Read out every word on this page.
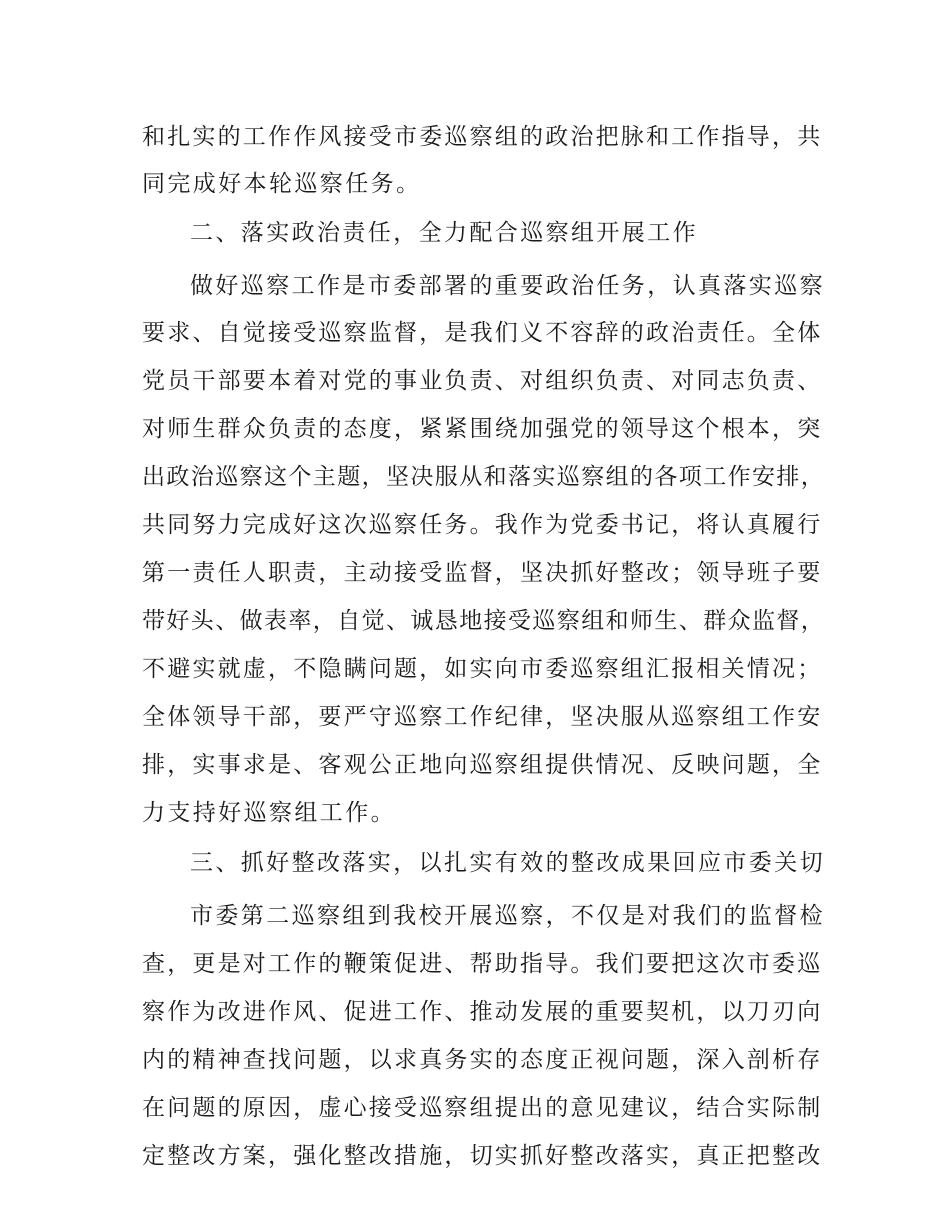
和扎实的工作作风接受市委巡察组的政治把脉和工作指导，共
同完成好本轮巡察任务。
二、落实政治责任，全力配合巡察组开展工作
做好巡察工作是市委部署的重要政治任务，认真落实巡察
要求、自觉接受巡察监督，是我们义不容辞的政治责任。全体
党员干部要本着对党的事业负责、对组织负责、对同志负责、
对师生群众负责的态度，紧紧围绕加强党的领导这个根本，突
出政治巡察这个主题，坚决服从和落实巡察组的各项工作安排，
共同努力完成好这次巡察任务。我作为党委书记，将认真履行
第一责任人职责，主动接受监督，坚决抓好整改；领导班子要
带好头、做表率，自觉、诚恳地接受巡察组和师生、群众监督，
不避实就虚，不隐瞒问题，如实向市委巡察组汇报相关情况；
全体领导干部，要严守巡察工作纪律，坚决服从巡察组工作安
排，实事求是、客观公正地向巡察组提供情况、反映问题，全
力支持好巡察组工作。
三、抓好整改落实，以扎实有效的整改成果回应市委关切
市委第二巡察组到我校开展巡察，不仅是对我们的监督检
查，更是对工作的鞭策促进、帮助指导。我们要把这次市委巡
察作为改进作风、促进工作、推动发展的重要契机，以刀刃向
内的精神查找问题，以求真务实的态度正视问题，深入剖析存
在问题的原因，虚心接受巡察组提出的意见建议，结合实际制
定整改方案，强化整改措施，切实抓好整改落实，真正把整改
